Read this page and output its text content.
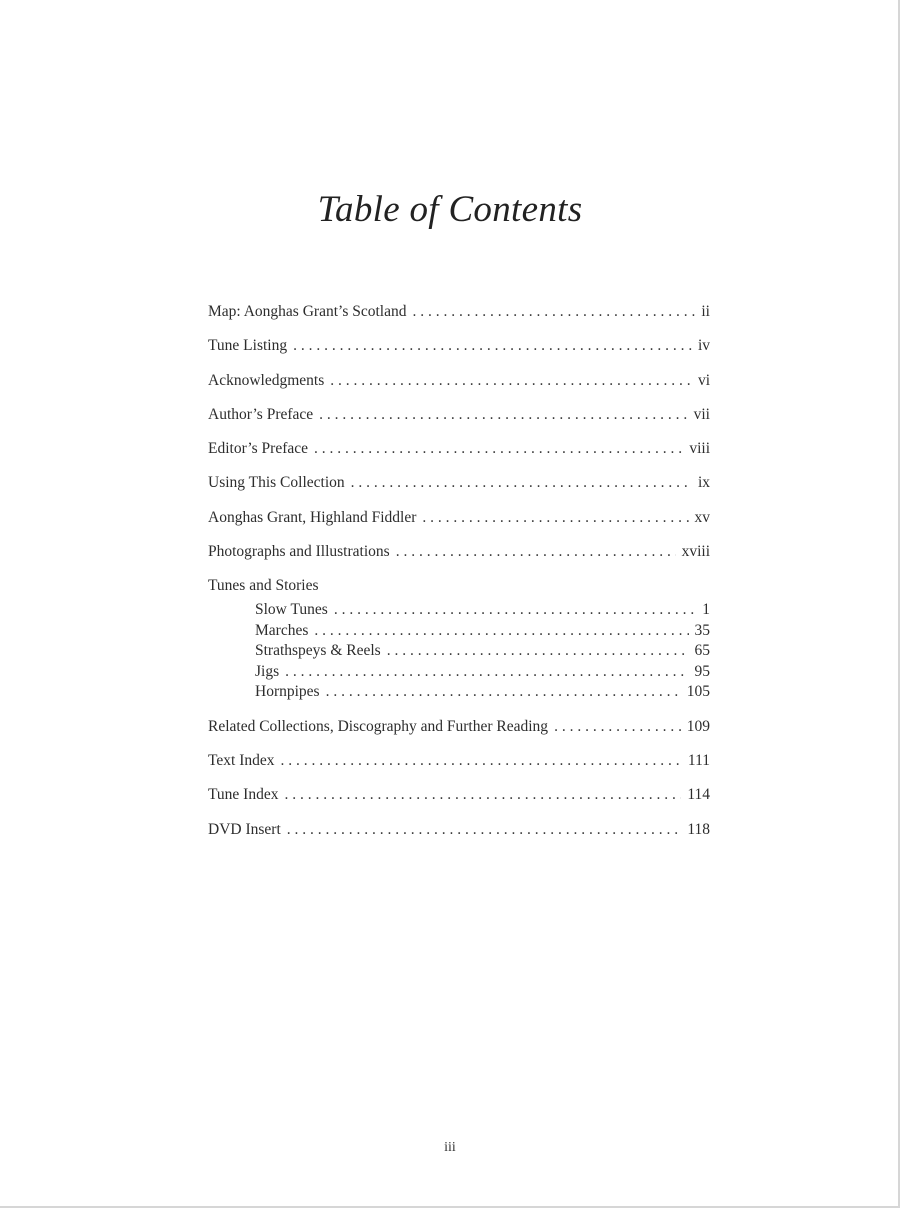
Table of Contents
Map: Aonghas Grant’s Scotland . . .	ii
Tune Listing . . .	iv
Acknowledgments . . .	vi
Author’s Preface . . .	vii
Editor’s Preface . . .	viii
Using This Collection . . .	ix
Aonghas Grant, Highland Fiddler . . .	xv
Photographs and Illustrations . . .	xviii
Tunes and Stories
Slow Tunes . . .	1
Marches . . .	35
Strathspeys & Reels . . .	65
Jigs . . .	95
Hornpipes . . .	105
Related Collections, Discography and Further Reading . . .	109
Text Index . . .	111
Tune Index . . .	114
DVD Insert . . .	118
iii
